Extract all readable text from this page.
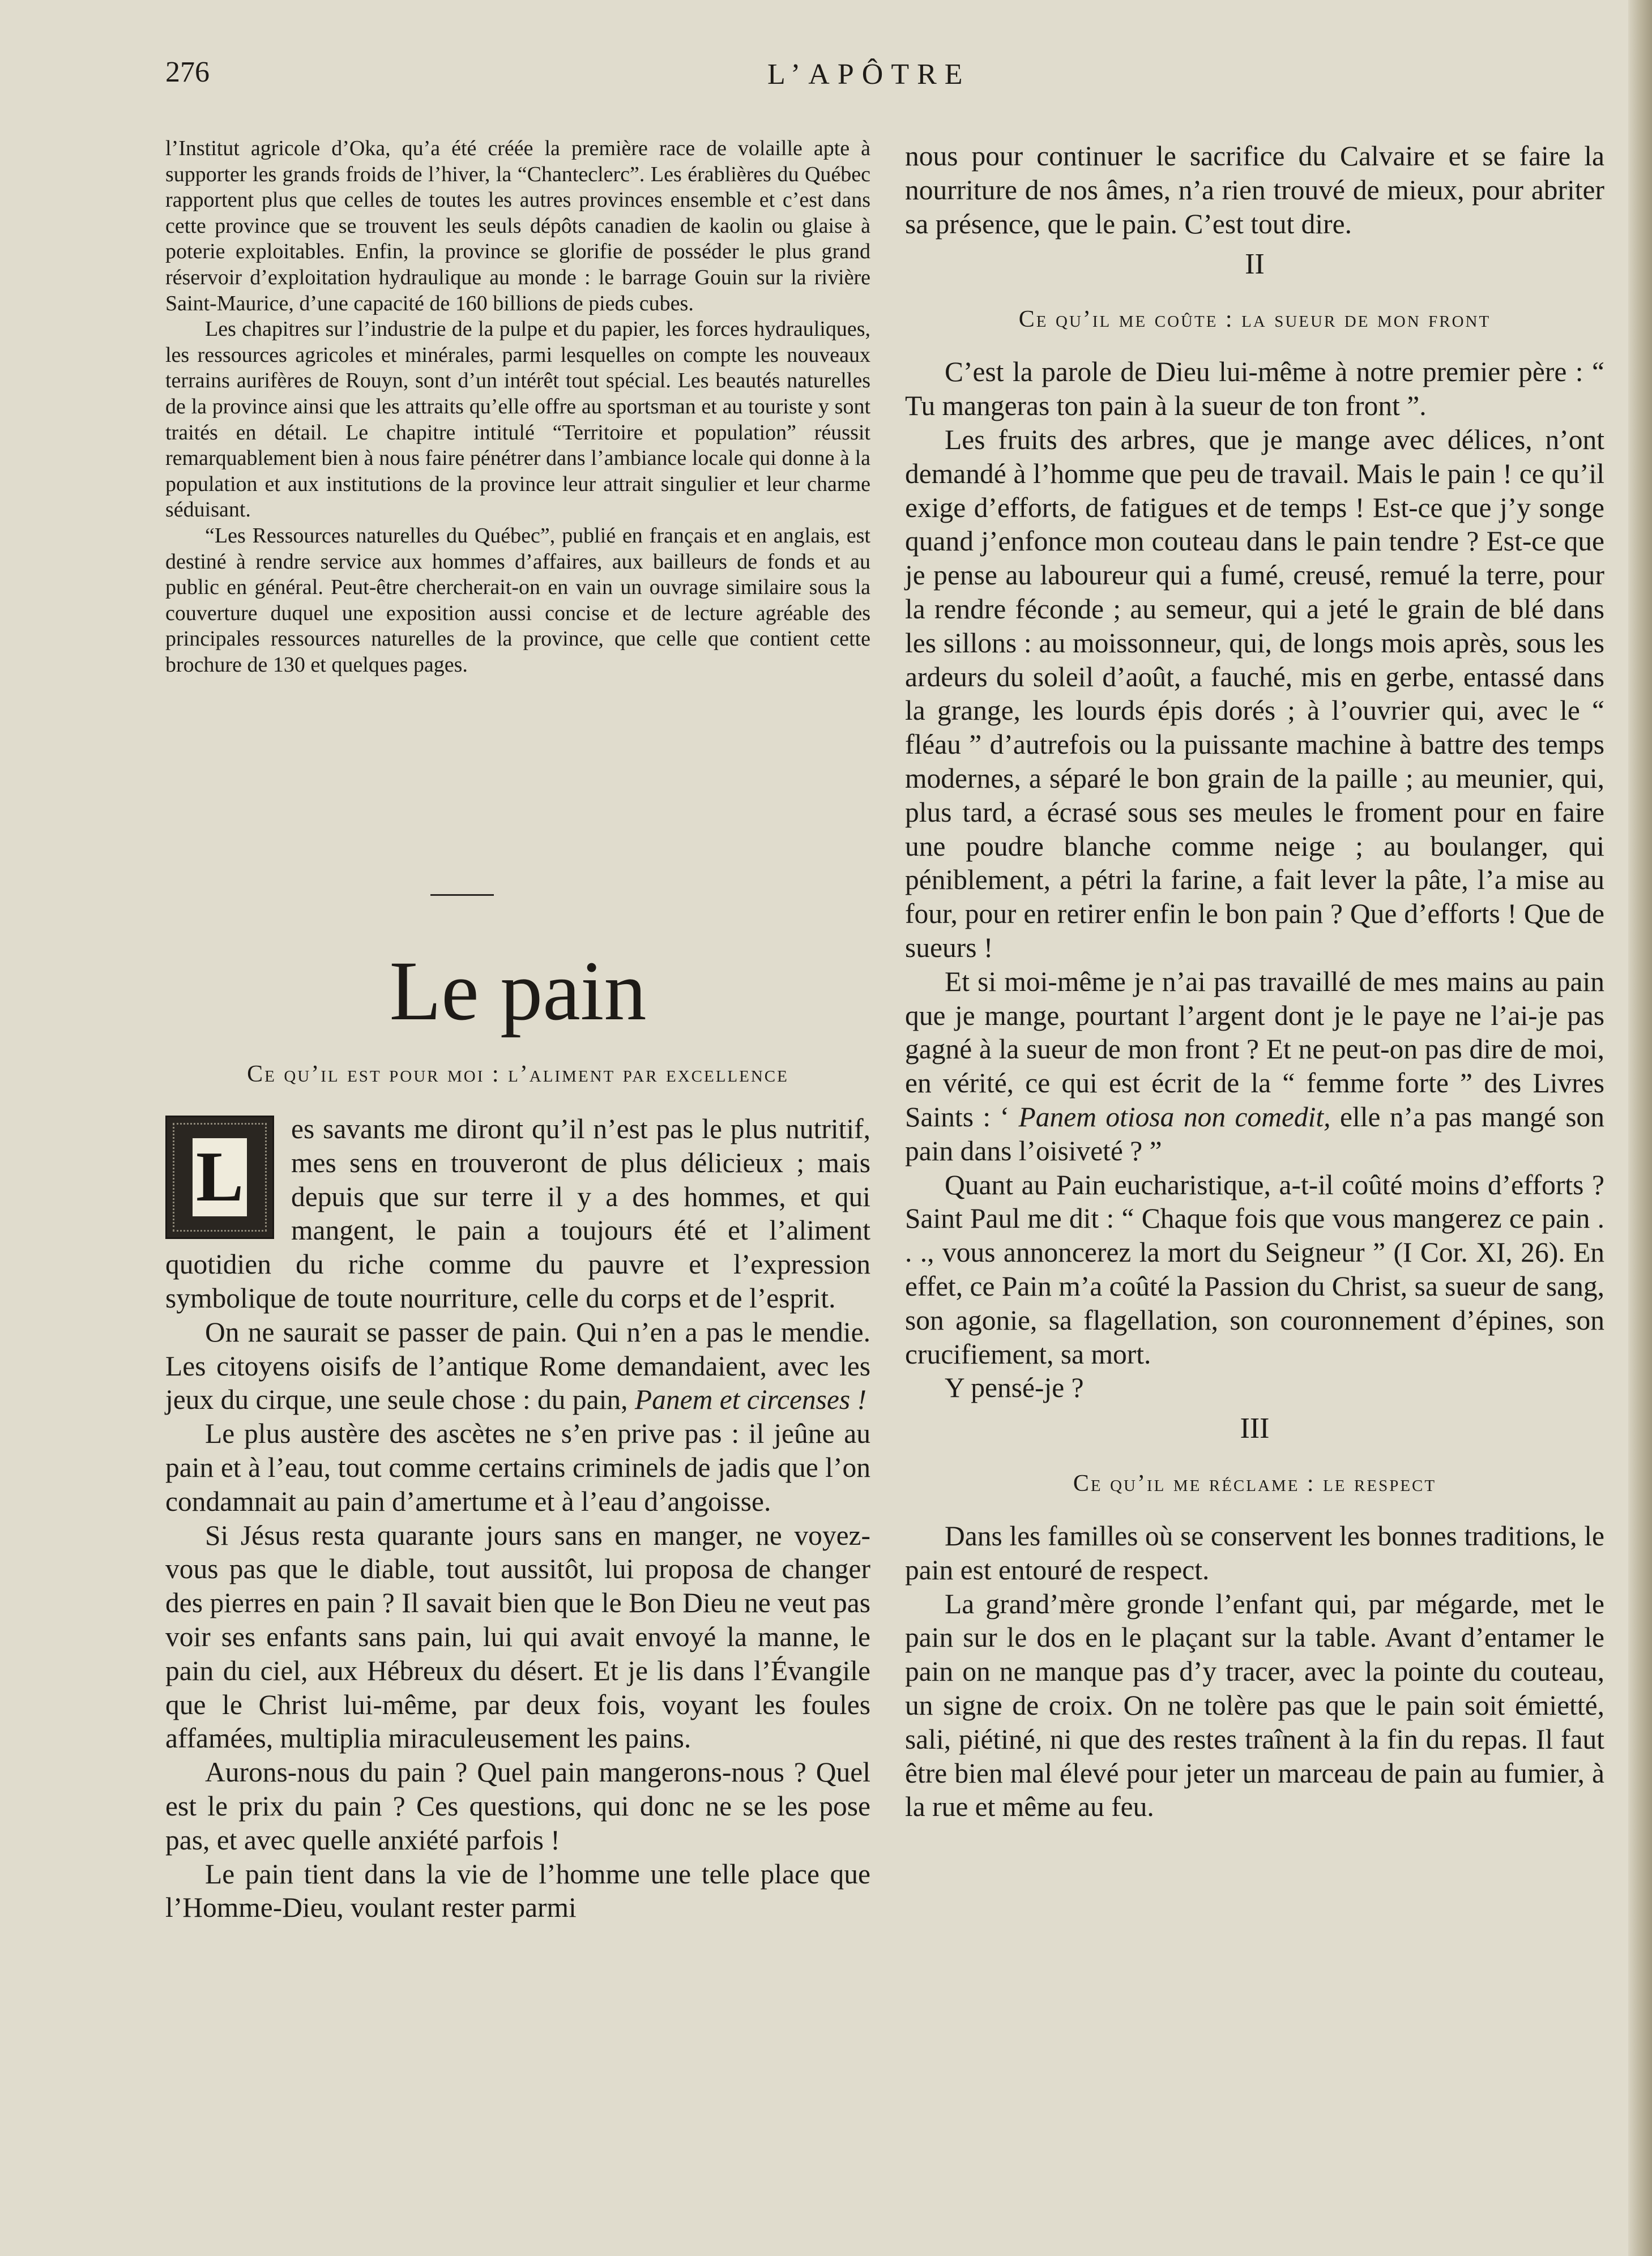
276	L’APÔTRE

l’Institut agricole d’Oka, qu’a été créée la première race de volaille apte à supporter les grands froids de l’hiver, la “Chanteclerc”. Les érablières du Québec rapportent plus que celles de toutes les autres provinces ensemble et c’est dans cette province que se trouvent les seuls dépôts canadien de kaolin ou glaise à poterie exploitables. Enfin, la province se glorifie de posséder le plus grand réservoir d’exploitation hydraulique au monde : le barrage Gouin sur la rivière Saint-Maurice, d’une capacité de 160 billions de pieds cubes.

Les chapitres sur l’industrie de la pulpe et du papier, les forces hydrauliques, les ressources agricoles et minérales, parmi lesquelles on compte les nouveaux terrains aurifères de Rouyn, sont d’un intérêt tout spécial. Les beautés naturelles de la province ainsi que les attraits qu’elle offre au sportsman et au touriste y sont traités en détail. Le chapitre intitulé “Territoire et population” réussit remarquablement bien à nous faire pénétrer dans l’ambiance locale qui donne à la population et aux institutions de la province leur attrait singulier et leur charme séduisant.

“Les Ressources naturelles du Québec”, publié en français et en anglais, est destiné à rendre service aux hommes d’affaires, aux bailleurs de fonds et au public en général. Peut-être chercherait-on en vain un ouvrage similaire sous la couverture duquel une exposition aussi concise et de lecture agréable des principales ressources naturelles de la province, que celle que contient cette brochure de 130 et quelques pages.

Le pain
Ce qu’il est pour moi : l’aliment par excellence

L
es savants me diront qu’il n’est pas le plus nutritif, mes sens en trouveront de plus délicieux ; mais depuis que sur terre il y a des hommes, et qui mangent, le pain a toujours été et l’aliment quotidien du riche comme du pauvre et l’expression symbolique de toute nourriture, celle du corps et de l’esprit.

On ne saurait se passer de pain. Qui n’en a pas le mendie. Les citoyens oisifs de l’antique Rome demandaient, avec les jeux du cirque, une seule chose : du pain, Panem et circenses !

Le plus austère des ascètes ne s’en prive pas : il jeûne au pain et à l’eau, tout comme certains criminels de jadis que l’on condamnait au pain d’amertume et à l’eau d’angoisse.

Si Jésus resta quarante jours sans en manger, ne voyez-vous pas que le diable, tout aussitôt, lui proposa de changer des pierres en pain ? Il savait bien que le Bon Dieu ne veut pas voir ses enfants sans pain, lui qui avait envoyé la manne, le pain du ciel, aux Hébreux du désert. Et je lis dans l’Évangile que le Christ lui-même, par deux fois, voyant les foules affamées, multiplia miraculeusement les pains.

Aurons-nous du pain ? Quel pain mangerons-nous ? Quel est le prix du pain ? Ces questions, qui donc ne se les pose pas, et avec quelle anxiété parfois !

Le pain tient dans la vie de l’homme une telle place que l’Homme-Dieu, voulant rester parmi

nous pour continuer le sacrifice du Calvaire et se faire la nourriture de nos âmes, n’a rien trouvé de mieux, pour abriter sa présence, que le pain. C’est tout dire.

II
Ce qu’il me coûte : la sueur de mon front

C’est la parole de Dieu lui-même à notre premier père : “ Tu mangeras ton pain à la sueur de ton front ”.

Les fruits des arbres, que je mange avec délices, n’ont demandé à l’homme que peu de travail. Mais le pain ! ce qu’il exige d’efforts, de fatigues et de temps ! Est-ce que j’y songe quand j’enfonce mon couteau dans le pain tendre ? Est-ce que je pense au laboureur qui a fumé, creusé, remué la terre, pour la rendre féconde ; au semeur, qui a jeté le grain de blé dans les sillons : au moissonneur, qui, de longs mois après, sous les ardeurs du soleil d’août, a fauché, mis en gerbe, entassé dans la grange, les lourds épis dorés ; à l’ouvrier qui, avec le “ fléau ” d’autrefois ou la puissante machine à battre des temps modernes, a séparé le bon grain de la paille ; au meunier, qui, plus tard, a écrasé sous ses meules le froment pour en faire une poudre blanche comme neige ; au boulanger, qui péniblement, a pétri la farine, a fait lever la pâte, l’a mise au four, pour en retirer enfin le bon pain ? Que d’efforts ! Que de sueurs !

Et si moi-même je n’ai pas travaillé de mes mains au pain que je mange, pourtant l’argent dont je le paye ne l’ai-je pas gagné à la sueur de mon front ? Et ne peut-on pas dire de moi, en vérité, ce qui est écrit de la “ femme forte ” des Livres Saints : ‘ Panem otiosa non comedit, elle n’a pas mangé son pain dans l’oisiveté ? ”

Quant au Pain eucharistique, a-t-il coûté moins d’efforts ? Saint Paul me dit : “ Chaque fois que vous mangerez ce pain . . ., vous annoncerez la mort du Seigneur ” (I Cor. XI, 26). En effet, ce Pain m’a coûté la Passion du Christ, sa sueur de sang, son agonie, sa flagellation, son couronnement d’épines, son crucifiement, sa mort.

Y pensé-je ?

III
Ce qu’il me réclame : le respect

Dans les familles où se conservent les bonnes traditions, le pain est entouré de respect.

La grand’mère gronde l’enfant qui, par mégarde, met le pain sur le dos en le plaçant sur la table. Avant d’entamer le pain on ne manque pas d’y tracer, avec la pointe du couteau, un signe de croix. On ne tolère pas que le pain soit émietté, sali, piétiné, ni que des restes traînent à la fin du repas. Il faut être bien mal élevé pour jeter un marceau de pain au fumier, à la rue et même au feu.
